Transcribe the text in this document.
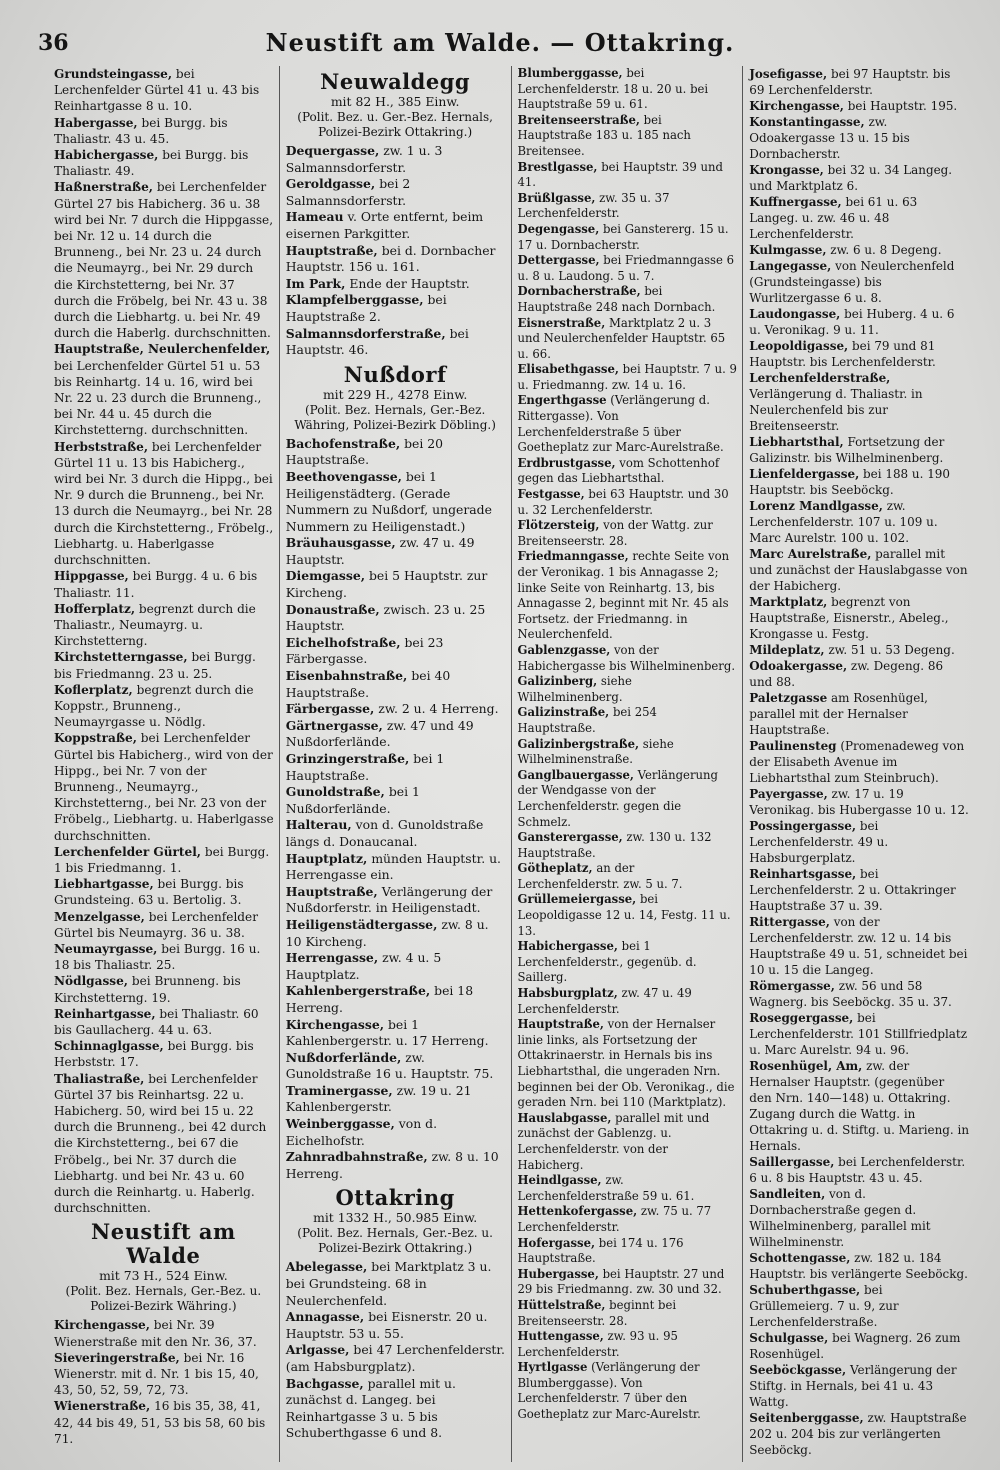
36	Neustift am Walde. — Ottakring.
Grundsteingasse, bei Lerchenfelder Gürtel 41 u. 43 bis Reinhartgasse 8 u. 10.
Habergasse, bei Burgg. bis Thaliastr. 43 u. 45.
Habichergasse, bei Burgg. bis Thaliastr. 49.
Haßnerstraße, bei Lerchenfelder Gürtel 27 bis Habicherg. 36 u. 38 wird bei Nr. 7 durch die Hippgasse, bei Nr. 12 u. 14 durch die Brunneng., bei Nr. 23 u. 24 durch die Neumayrg., bei Nr. 29 durch die Kirchstetterng, bei Nr. 37 durch die Fröbelg, bei Nr. 43 u. 38 durch die Liebhartg. u. bei Nr. 49 durch die Haberlg. durchschnitten.
Hauptstraße, Neulerchenfelder, bei Lerchenfelder Gürtel 51 u. 53 bis Reinhartg. 14 u. 16, wird bei Nr. 22 u. 23 durch die Brunneng., bei Nr. 44 u. 45 durch die Kirchstetterng. durchschnitten.
Herbststraße, bei Lerchenfelder Gürtel 11 u. 13 bis Habicherg., wird bei Nr. 3 durch die Hippg., bei Nr. 9 durch die Brunneng., bei Nr. 13 durch die Neumayrg., bei Nr. 28 durch die Kirchstetterng., Fröbelg., Liebhartg. u. Haberlgasse durchschnitten.
Hippgasse, bei Burgg. 4 u. 6 bis Thaliastr. 11.
Hofferplatz, begrenzt durch die Thaliastr., Neumayrg. u. Kirchstetterng.
Kirchstetterngasse, bei Burgg. bis Friedmanng. 23 u. 25.
Koflerplatz, begrenzt durch die Koppstr., Brunneng., Neumayrgasse u. Nödlg.
Koppstraße, bei Lerchenfelder Gürtel bis Habicherg., wird von der Hippg., bei Nr. 7 von der Brunneng., Neumayrg., Kirchstetterng., bei Nr. 23 von der Fröbelg., Liebhartg. u. Haberlgasse durchschnitten.
Lerchenfelder Gürtel, bei Burgg. 1 bis Friedmanng. 1.
Liebhartgasse, bei Burgg. bis Grundsteing. 63 u. Bertolig. 3.
Menzelgasse, bei Lerchenfelder Gürtel bis Neumayrg. 36 u. 38.
Neumayrgasse, bei Burgg. 16 u. 18 bis Thaliastr. 25.
Nödlgasse, bei Brunneng. bis Kirchstetterng. 19.
Reinhartgasse, bei Thaliastr. 60 bis Gaullacherg. 44 u. 63.
Schinnaglgasse, bei Burgg. bis Herbststr. 17.
Thaliastraße, bei Lerchenfelder Gürtel 37 bis Reinhartsg. 22 u. Habicherg. 50, wird bei 15 u. 22 durch die Brunneng., bei 42 durch die Kirchstetterng., bei 67 die Fröbelg., bei Nr. 37 durch die Liebhartg. und bei Nr. 43 u. 60 durch die Reinhartg. u. Haberlg. durchschnitten.
Neustift am Walde
mit 73 H., 524 Einw.
(Polit. Bez. Hernals, Ger.-Bez. u. Polizei-Bezirk Währing.)
Kirchengasse, bei Nr. 39 Wienerstraße mit den Nr. 36, 37.
Sieveringerstraße, bei Nr. 16 Wienerstr. mit d. Nr. 1 bis 15, 40, 43, 50, 52, 59, 72, 73.
Wienerstraße, 16 bis 35, 38, 41, 42, 44 bis 49, 51, 53 bis 58, 60 bis 71.
Neuwaldegg
mit 82 H., 385 Einw.
(Polit. Bez. u. Ger.-Bez. Hernals, Polizei-Bezirk Ottakring.)
Dequergasse, zw. 1 u. 3 Salmannsdorferstr.
Geroldgasse, bei 2 Salmannsdorferstr.
Hameau v. Orte entfernt, beim eisernen Parkgitter.
Hauptstraße, bei d. Dornbacher Hauptstr. 156 u. 161.
Im Park, Ende der Hauptstr.
Klampfelberggasse, bei Hauptstraße 2.
Salmannsdorferstraße, bei Hauptstr. 46.
Nußdorf
mit 229 H., 4278 Einw.
(Polit. Bez. Hernals, Ger.-Bez. Währing, Polizei-Bezirk Döbling.)
Bachofenstraße, bei 20 Hauptstraße.
Beethovengasse, bei 1 Heiligenstädterg. (Gerade Nummern zu Nußdorf, ungerade Nummern zu Heiligenstadt.)
Bräuhausgasse, zw. 47 u. 49 Hauptstr.
Diemgasse, bei 5 Hauptstr. zur Kircheng.
Donaustraße, zwisch. 23 u. 25 Hauptstr.
Eichelhofstraße, bei 23 Färbergasse.
Eisenbahnstraße, bei 40 Hauptstraße.
Färbergasse, zw. 2 u. 4 Herreng.
Gärtnergasse, zw. 47 und 49 Nußdorferlände.
Grinzingerstraße, bei 1 Hauptstraße.
Gunoldstraße, bei 1 Nußdorferlände.
Halterau, von d. Gunoldstraße längs d. Donaucanal.
Hauptplatz, münden Hauptstr. u. Herrengasse ein.
Hauptstraße, Verlängerung der Nußdorferstr. in Heiligenstadt.
Heiligenstädtergasse, zw. 8 u. 10 Kircheng.
Herrengasse, zw. 4 u. 5 Hauptplatz.
Kahlenbergerstraße, bei 18 Herreng.
Kirchengasse, bei 1 Kahlenbergerstr. u. 17 Herreng.
Nußdorferlände, zw. Gunoldstraße 16 u. Hauptstr. 75.
Traminergasse, zw. 19 u. 21 Kahlenbergerstr.
Weinberggasse, von d. Eichelhofstr.
Zahnradbahnstraße, zw. 8 u. 10 Herreng.
Ottakring
mit 1332 H., 50.985 Einw.
(Polit. Bez. Hernals, Ger.-Bez. u. Polizei-Bezirk Ottakring.)
Abelegasse, bei Marktplatz 3 u. bei Grundsteing. 68 in Neulerchenfeld.
Annagasse, bei Eisnerstr. 20 u. Hauptstr. 53 u. 55.
Arlgasse, bei 47 Lerchenfelderstr. (am Habsburgplatz).
Bachgasse, parallel mit u. zunächst d. Langeg. bei Reinhartgasse 3 u. 5 bis Schuberthgasse 6 und 8.
Blumberggasse, bei Lerchenfelderstr. 18 u. 20 u. bei Hauptstraße 59 u. 61.
Breitenseerstraße, bei Hauptstraße 183 u. 185 nach Breitensee.
Brestlgasse, bei Hauptstr. 39 und 41.
Brüßlgasse, zw. 35 u. 37 Lerchenfelderstr.
Degengasse, bei Ganstererg. 15 u. 17 u. Dornbacherstr.
Dettergasse, bei Friedmanngasse 6 u. 8 u. Laudong. 5 u. 7.
Dornbacherstraße, bei Hauptstraße 248 nach Dornbach.
Eisnerstraße, Marktplatz 2 u. 3 und Neulerchenfelder Hauptstr. 65 u. 66.
Elisabethgasse, bei Hauptstr. 7 u. 9 u. Friedmanng. zw. 14 u. 16.
Engerthgasse (Verlängerung d. Rittergasse). Von Lerchenfelderstraße 5 über Goetheplatz zur Marc-Aurelstraße.
Erdbrustgasse, vom Schottenhof gegen das Liebhartsthal.
Festgasse, bei 63 Hauptstr. und 30 u. 32 Lerchenfelderstr.
Flötzersteig, von der Wattg. zur Breitenseerstr. 28.
Friedmanngasse, rechte Seite von der Veronikag. 1 bis Annagasse 2; linke Seite von Reinhartg. 13, bis Annagasse 2, beginnt mit Nr. 45 als Fortsetz. der Friedmanng. in Neulerchenfeld.
Gablenzgasse, von der Habichergasse bis Wilhelminenberg.
Galizinberg, siehe Wilhelminenberg.
Galizinstraße, bei 254 Hauptstraße.
Galizinbergstraße, siehe Wilhelminenstraße.
Ganglbauergasse, Verlängerung der Wendgasse von der Lerchenfelderstr. gegen die Schmelz.
Gansterergasse, zw. 130 u. 132 Hauptstraße.
Götheplatz, an der Lerchenfelderstr. zw. 5 u. 7.
Grüllemeiergasse, bei Leopoldigasse 12 u. 14, Festg. 11 u. 13.
Habichergasse, bei 1 Lerchenfelderstr., gegenüb. d. Saillerg.
Habsburgplatz, zw. 47 u. 49 Lerchenfelderstr.
Hauptstraße, von der Hernalser linie links, als Fortsetzung der Ottakrinaerstr. in Hernals bis ins Liebhartsthal, die ungeraden Nrn. beginnen bei der Ob. Veronikag., die geraden Nrn. bei 110 (Marktplatz).
Hauslabgasse, parallel mit und zunächst der Gablenzg. u. Lerchenfelderstr. von der Habicherg.
Heindlgasse, zw. Lerchenfelderstraße 59 u. 61.
Hettenkofergasse, zw. 75 u. 77 Lerchenfelderstr.
Hofergasse, bei 174 u. 176 Hauptstraße.
Hubergasse, bei Hauptstr. 27 und 29 bis Friedmanng. zw. 30 und 32.
Hüttelstraße, beginnt bei Breitenseerstr. 28.
Huttengasse, zw. 93 u. 95 Lerchenfelderstr.
Hyrtlgasse (Verlängerung der Blumberggasse). Von Lerchenfelderstr. 7 über den Goetheplatz zur Marc-Aurelstr.
Josefigasse, bei 97 Hauptstr. bis 69 Lerchenfelderstr.
Kirchengasse, bei Hauptstr. 195.
Konstantingasse, zw. Odoakergasse 13 u. 15 bis Dornbacherstr.
Krongasse, bei 32 u. 34 Langeg. und Marktplatz 6.
Kuffnergasse, bei 61 u. 63 Langeg. u. zw. 46 u. 48 Lerchenfelderstr.
Kulmgasse, zw. 6 u. 8 Degeng.
Langegasse, von Neulerchenfeld (Grundsteingasse) bis Wurlitzergasse 6 u. 8.
Laudongasse, bei Huberg. 4 u. 6 u. Veronikag. 9 u. 11.
Leopoldigasse, bei 79 und 81 Hauptstr. bis Lerchenfelderstr.
Lerchenfelderstraße, Verlängerung d. Thaliastr. in Neulerchenfeld bis zur Breitenseerstr.
Liebhartsthal, Fortsetzung der Galizinstr. bis Wilhelminenberg.
Lienfeldergasse, bei 188 u. 190 Hauptstr. bis Seeböckg.
Lorenz Mandlgasse, zw. Lerchenfelderstr. 107 u. 109 u. Marc Aurelstr. 100 u. 102.
Marc Aurelstraße, parallel mit und zunächst der Hauslabgasse von der Habicherg.
Marktplatz, begrenzt von Hauptstraße, Eisnerstr., Abeleg., Krongasse u. Festg.
Mildeplatz, zw. 51 u. 53 Degeng.
Odoakergasse, zw. Degeng. 86 und 88.
Paletzgasse am Rosenhügel, parallel mit der Hernalser Hauptstraße.
Paulinensteg (Promenadeweg von der Elisabeth Avenue im Liebhartsthal zum Steinbruch).
Payergasse, zw. 17 u. 19 Veronikag. bis Hubergasse 10 u. 12.
Possingergasse, bei Lerchenfelderstr. 49 u. Habsburgerplatz.
Reinhartsgasse, bei Lerchenfelderstr. 2 u. Ottakringer Hauptstraße 37 u. 39.
Rittergasse, von der Lerchenfelderstr. zw. 12 u. 14 bis Hauptstraße 49 u. 51, schneidet bei 10 u. 15 die Langeg.
Römergasse, zw. 56 und 58 Wagnerg. bis Seeböckg. 35 u. 37.
Roseggergasse, bei Lerchenfelderstr. 101 Stillfriedplatz u. Marc Aurelstr. 94 u. 96.
Rosenhügel, Am, zw. der Hernalser Hauptstr. (gegenüber den Nrn. 140—148) u. Ottakring. Zugang durch die Wattg. in Ottakring u. d. Stiftg. u. Marieng. in Hernals.
Saillergasse, bei Lerchenfelderstr. 6 u. 8 bis Hauptstr. 43 u. 45.
Sandleiten, von d. Dornbacherstraße gegen d. Wilhelminenberg, parallel mit Wilhelminenstr.
Schottengasse, zw. 182 u. 184 Hauptstr. bis verlängerte Seeböckg.
Schuberthgasse, bei Grüllemeierg. 7 u. 9, zur Lerchenfelderstraße.
Schulgasse, bei Wagnerg. 26 zum Rosenhügel.
Seeböckgasse, Verlängerung der Stiftg. in Hernals, bei 41 u. 43 Wattg.
Seitenberggasse, zw. Hauptstraße 202 u. 204 bis zur verlängerten Seeböckg.
